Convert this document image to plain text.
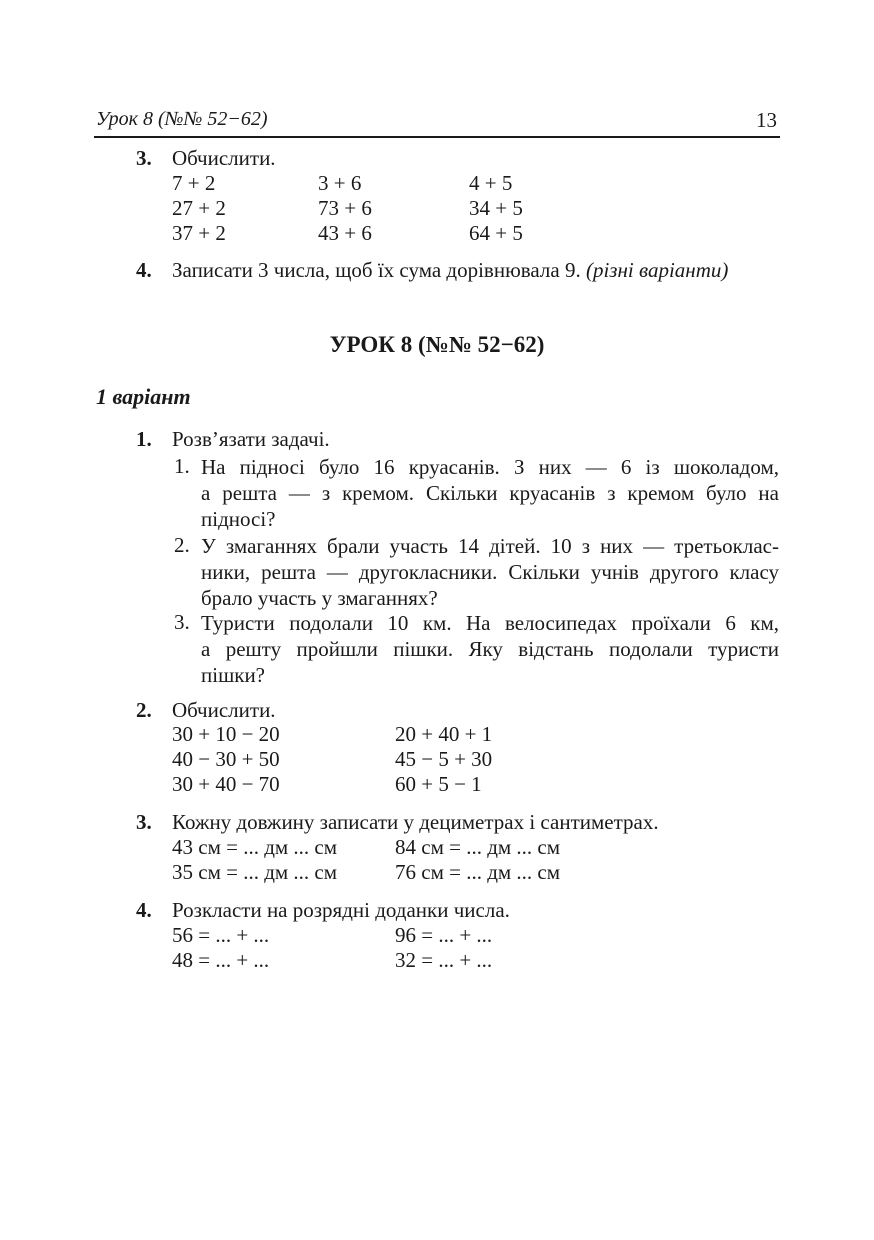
Урок 8 (№№ 52−62)	13
3. Обчислити.
7 + 2	3 + 6	4 + 5
27 + 2	73 + 6	34 + 5
37 + 2	43 + 6	64 + 5
4. Записати 3 числа, щоб їх сума дорівнювала 9. (різні варіанти)
УРОК 8 (№№ 52−62)
1 варіант
1. Розв’язати задачі.
1. На підносі було 16 круасанів. З них — 6 із шоколадом,
а решта — з кремом. Скільки круасанів з кремом було на
підносі?
2. У змаганнях брали участь 14 дітей. 10 з них — третьоклас-
ники, решта — другокласники. Скільки учнів другого класу
брало участь у змаганнях?
3. Туристи подолали 10 км. На велосипедах проїхали 6 км,
а решту пройшли пішки. Яку відстань подолали туристи
пішки?
2. Обчислити.
30 + 10 − 20	20 + 40 + 1
40 − 30 + 50	45 − 5 + 30
30 + 40 − 70	60 + 5 − 1
3. Кожну довжину записати у дециметрах і сантиметрах.
43 см = ... дм ... см	84 см = ... дм ... см
35 см = ... дм ... см	76 см = ... дм ... см
4. Розкласти на розрядні доданки числа.
56 = ... + ...	96 = ... + ...
48 = ... + ...	32 = ... + ...
